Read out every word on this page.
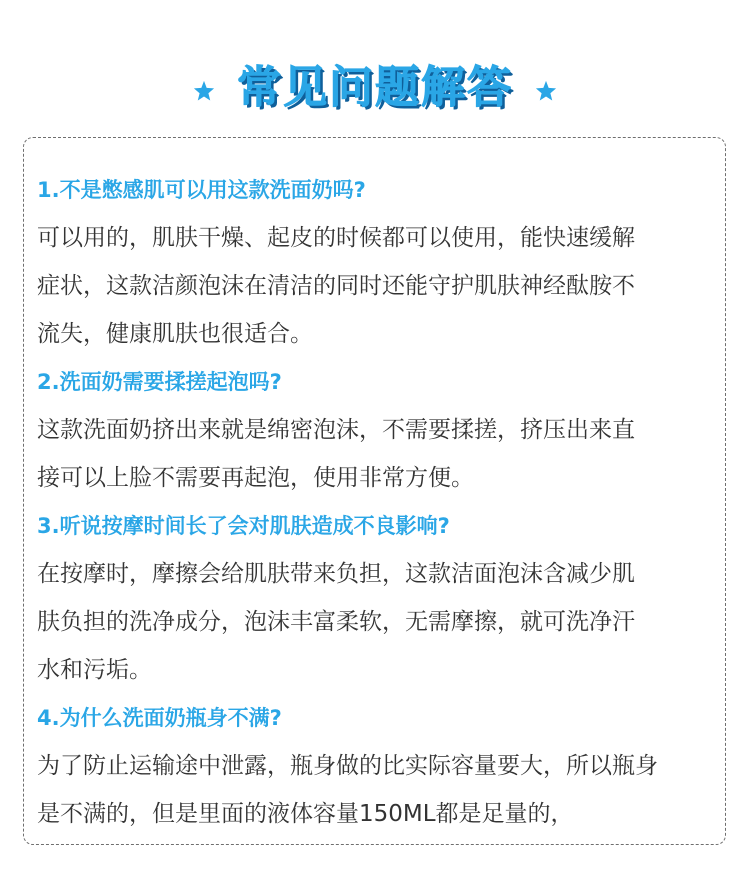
常见问题解答
1.不是憋感肌可以用这款洗面奶吗?
可以用的，肌肤干燥、起皮的时候都可以使用，能快速缓解
症状，这款洁颜泡沫在清洁的同时还能守护肌肤神经酞胺不
流失，健康肌肤也很适合。
2.洗面奶需要揉搓起泡吗?
这款洗面奶挤出来就是绵密泡沫，不需要揉搓，挤压出来直
接可以上脸不需要再起泡，使用非常方便。
3.听说按摩时间长了会对肌肤造成不良影响?
在按摩时，摩擦会给肌肤带来负担，这款洁面泡沫含减少肌
肤负担的洗净成分，泡沫丰富柔软，无需摩擦，就可洗净汗
水和污垢。
4.为什么洗面奶瓶身不满?
为了防止运输途中泄露，瓶身做的比实际容量要大，所以瓶身
是不满的，但是里面的液体容量150ML都是足量的，
